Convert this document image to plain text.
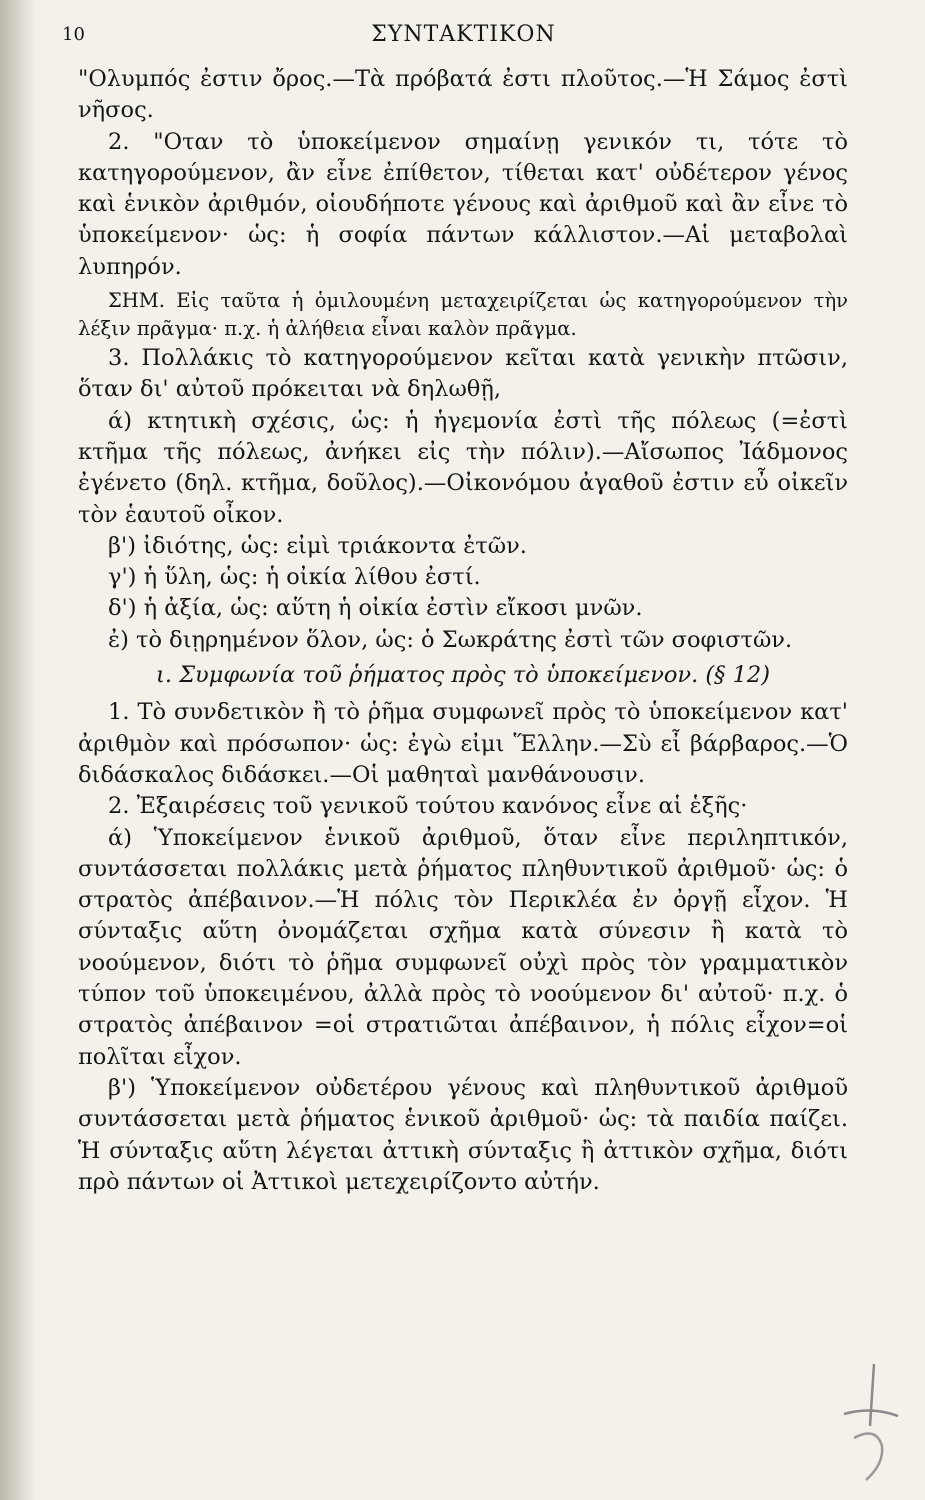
10	ΣΥΝΤΑΚΤΙΚΟΝ

"Ολυμπός ἐστιν ὄρος.—Τὰ πρόβατά ἐστι πλοῦτος.—Ἡ Σάμος ἐστὶ νῆσος.

2. "Οταν τὸ ὑποκείμενον σημαίνῃ γενικόν τι, τότε τὸ κατηγορούμενον, ἂν εἶνε ἐπίθετον, τίθεται κατ' οὐδέτερον γένος καὶ ἑνικὸν ἀριθμόν, οἱουδήποτε γένους καὶ ἀριθμοῦ καὶ ἂν εἶνε τὸ ὑποκείμενον· ὡς: ἡ σοφία πάντων κάλλιστον.—Αἱ μεταβολαὶ λυπηρόν.

ΣΗΜ. Εἰς ταῦτα ἡ ὁμιλουμένη μεταχειρίζεται ὡς κατηγορούμενον τὴν λέξιν πρᾶγμα· π.χ. ἡ ἀλήθεια εἶναι καλὸν πρᾶγμα.

3. Πολλάκις τὸ κατηγορούμενον κεῖται κατὰ γενικὴν πτῶσιν, ὅταν δι' αὐτοῦ πρόκειται νὰ δηλωθῇ,

ά) κτητικὴ σχέσις, ὡς: ἡ ἡγεμονία ἐστὶ τῆς πόλεως (=ἐστὶ κτῆμα τῆς πόλεως, ἀνήκει εἰς τὴν πόλιν).—Αἴσωπος Ἰάδμονος ἐγένετο (δηλ. κτῆμα, δοῦλος).—Οἰκονόμου ἀγαθοῦ ἐστιν εὖ οἰκεῖν τὸν ἑαυτοῦ οἶκον.

β') ἰδιότης, ὡς: εἰμὶ τριάκοντα ἐτῶν.

γ') ἡ ὕλη, ὡς: ἡ οἰκία λίθου ἐστί.

δ') ἡ ἀξία, ὡς: αὕτη ἡ οἰκία ἐστὶν εἴκοσι μνῶν.

ἐ) τὸ διῃρημένον ὅλον, ὡς: ὁ Σωκράτης ἐστὶ τῶν σοφιστῶν.

ι. Συμφωνία τοῦ ῥήματος πρὸς τὸ ὑποκείμενον. (§ 12)

1. Τὸ συνδετικὸν ἢ τὸ ῥῆμα συμφωνεῖ πρὸς τὸ ὑποκείμενον κατ' ἀριθμὸν καὶ πρόσωπον· ὡς: ἐγὼ εἰμι Ἕλλην.—Σὺ εἶ βάρβαρος.—Ὁ διδάσκαλος διδάσκει.—Οἱ μαθηταὶ μανθάνουσιν.

2. Ἐξαιρέσεις τοῦ γενικοῦ τούτου κανόνος εἶνε αἱ ἑξῆς·

ά) Ὑποκείμενον ἑνικοῦ ἀριθμοῦ, ὅταν εἶνε περιληπτικόν, συντάσσεται πολλάκις μετὰ ῥήματος πληθυντικοῦ ἀριθμοῦ· ὡς: ὁ στρατὸς ἀπέβαινον.—Ἡ πόλις τὸν Περικλέα ἐν ὀργῇ εἶχον. Ἡ σύνταξις αὕτη ὀνομάζεται σχῆμα κατὰ σύνεσιν ἢ κατὰ τὸ νοούμενον, διότι τὸ ῥῆμα συμφωνεῖ οὐχὶ πρὸς τὸν γραμματικὸν τύπον τοῦ ὑποκειμένου, ἀλλὰ πρὸς τὸ νοούμενον δι' αὐτοῦ· π.χ. ὁ στρατὸς ἀπέβαινον =οἱ στρατιῶται ἀπέβαινον, ἡ πόλις εἶχον=οἱ πολῖται εἶχον.

β') Ὑποκείμενον οὐδετέρου γένους καὶ πληθυντικοῦ ἀριθμοῦ συντάσσεται μετὰ ῥήματος ἑνικοῦ ἀριθμοῦ· ὡς: τὰ παιδία παίζει. Ἡ σύνταξις αὕτη λέγεται ἀττικὴ σύνταξις ἢ ἀττικὸν σχῆμα, διότι πρὸ πάντων οἱ Ἀττικοὶ μετεχειρίζοντο αὐτήν.
